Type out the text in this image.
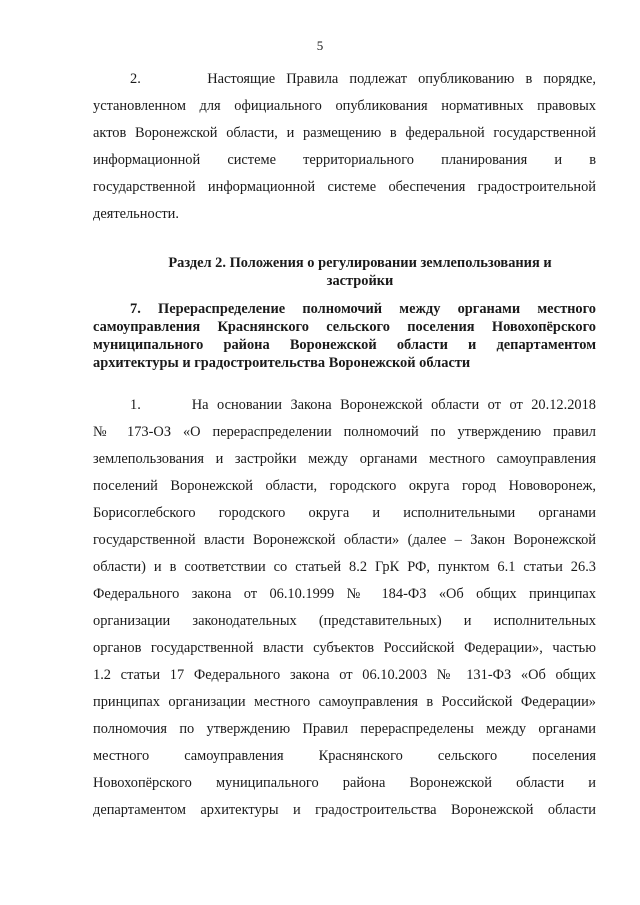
5
2.      Настоящие Правила подлежат опубликованию в порядке,
установленном для официального опубликования нормативных правовых
актов Воронежской области, и размещению в федеральной государственной
информационной системе территориального планирования и в
государственной информационной системе обеспечения градостроительной
деятельности.
Раздел 2. Положения о регулировании землепользования и
застройки
7. Перераспределение полномочий между органами местного
самоуправления Краснянского сельского поселения Новохопёрского
муниципального района Воронежской области и департаментом
архитектуры и градостроительства Воронежской области
1.      На основании Закона Воронежской области от от 20.12.2018
№ 173-ОЗ «О перераспределении полномочий по утверждению правил
землепользования и застройки между органами местного самоуправления
поселений Воронежской области, городского округа город Нововоронеж,
Борисоглебского городского округа и исполнительными органами
государственной власти Воронежской области» (далее – Закон Воронежской
области) и в соответствии со статьей 8.2 ГрК РФ, пунктом 6.1 статьи 26.3
Федерального закона от 06.10.1999 № 184-ФЗ «Об общих принципах
организации законодательных (представительных) и исполнительных
органов государственной власти субъектов Российской Федерации», частью
1.2 статьи 17 Федерального закона от 06.10.2003 № 131-ФЗ «Об общих
принципах организации местного самоуправления в Российской Федерации»
полномочия по утверждению Правил перераспределены между органами
местного самоуправления Краснянского сельского поселения
Новохопёрского муниципального района Воронежской области и
департаментом архитектуры и градостроительства Воронежской области
